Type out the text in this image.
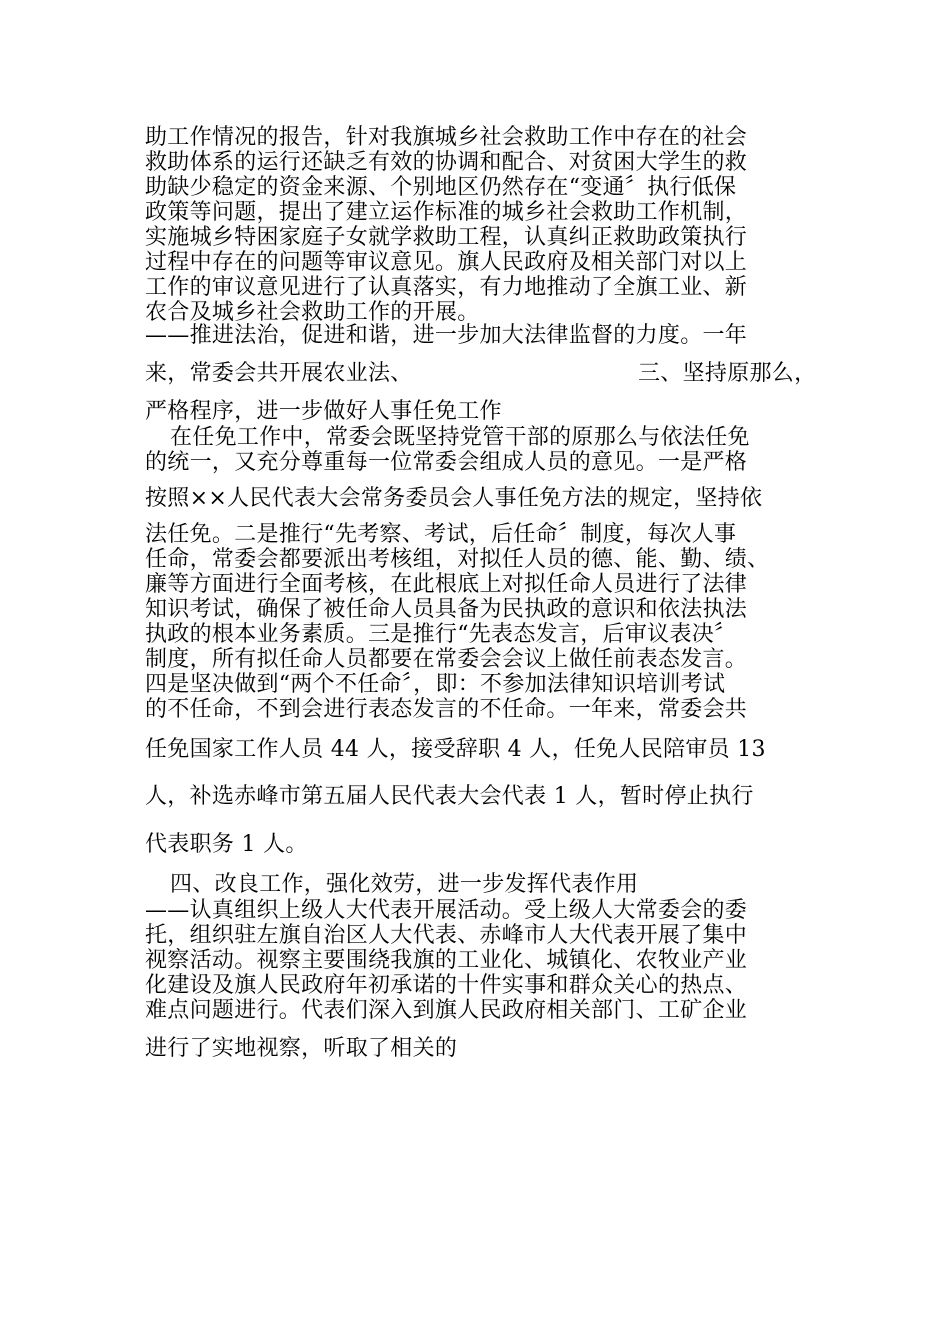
助工作情况的报告，针对我旗城乡社会救助工作中存在的社会
救助体系的运行还缺乏有效的协调和配合、对贫困大学生的救
助缺少稳定的资金来源、个别地区仍然存在“变通〞执行低保
政策等问题，提出了建立运作标准的城乡社会救助工作机制，
实施城乡特困家庭子女就学救助工程，认真纠正救助政策执行
过程中存在的问题等审议意见。旗人民政府及相关部门对以上
工作的审议意见进行了认真落实，有力地推动了全旗工业、新
农合及城乡社会救助工作的开展。
——推进法治，促进和谐，进一步加大法律监督的力度。一年
来，常委会共开展农业法、	三、坚持原那么，
严格程序，进一步做好人事任免工作
在任免工作中，常委会既坚持党管干部的原那么与依法任免
的统一，又充分尊重每一位常委会组成人员的意见。一是严格
按照××人民代表大会常务委员会人事任免方法的规定，坚持依
法任免。二是推行“先考察、考试，后任命〞制度，每次人事
任命，常委会都要派出考核组，对拟任人员的德、能、勤、绩、
廉等方面进行全面考核，在此根底上对拟任命人员进行了法律
知识考试，确保了被任命人员具备为民执政的意识和依法执法
执政的根本业务素质。三是推行“先表态发言，后审议表决〞
制度，所有拟任命人员都要在常委会会议上做任前表态发言。
四是坚决做到“两个不任命〞，即：不参加法律知识培训考试
的不任命，不到会进行表态发言的不任命。一年来，常委会共
任免国家工作人员 44 人，接受辞职 4 人，任免人民陪审员 13
人，补选赤峰市第五届人民代表大会代表 1 人，暂时停止执行
代表职务 1 人。
四、改良工作，强化效劳，进一步发挥代表作用
——认真组织上级人大代表开展活动。受上级人大常委会的委
托，组织驻左旗自治区人大代表、赤峰市人大代表开展了集中
视察活动。视察主要围绕我旗的工业化、城镇化、农牧业产业
化建设及旗人民政府年初承诺的十件实事和群众关心的热点、
难点问题进行。代表们深入到旗人民政府相关部门、工矿企业
进行了实地视察，听取了相关的
